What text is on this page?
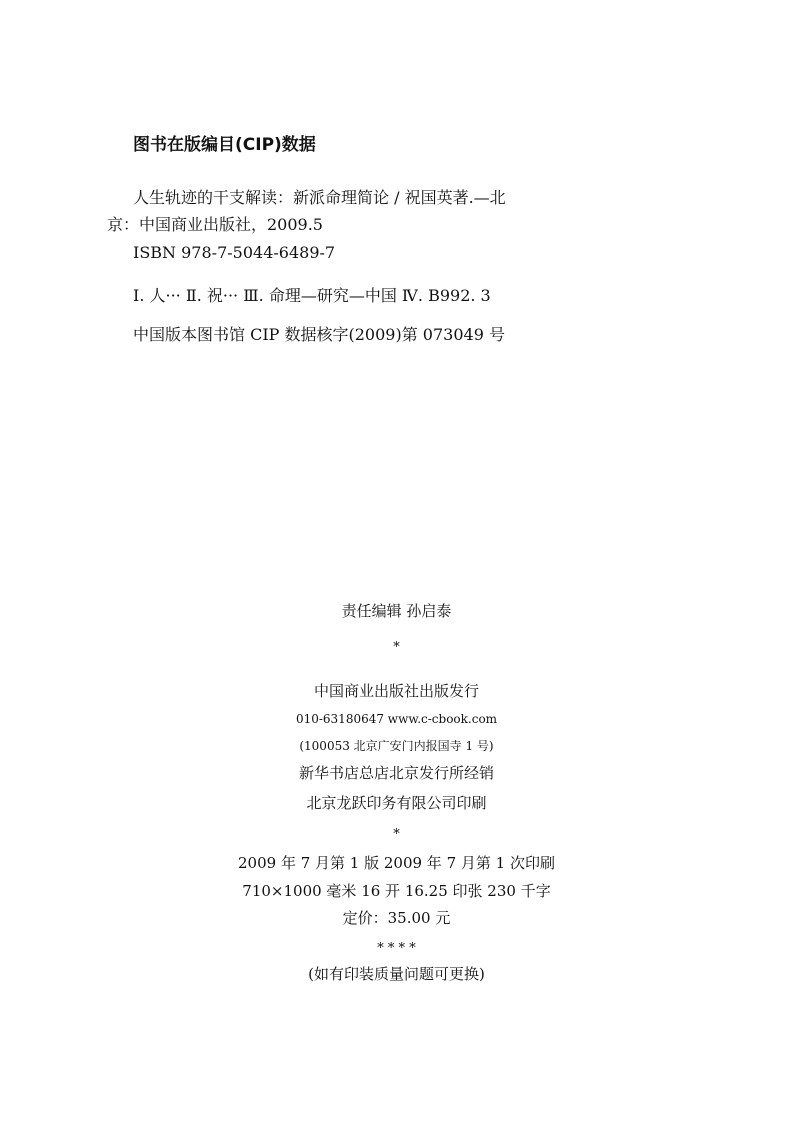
图书在版编目(CIP)数据
人生轨迹的干支解读：新派命理简论 / 祝国英著.—北
京：中国商业出版社，2009.5
ISBN 978-7-5044-6489-7
Ⅰ. 人··· Ⅱ. 祝··· Ⅲ. 命理—研究—中国 Ⅳ. B992. 3
中国版本图书馆 CIP 数据核字(2009)第 073049 号
责任编辑 孙启泰
*
中国商业出版社出版发行
010-63180647 www.c-cbook.com
(100053 北京广安门内报国寺 1 号)
新华书店总店北京发行所经销
北京龙跃印务有限公司印刷
*
2009 年 7 月第 1 版 2009 年 7 月第 1 次印刷
710×1000 毫米 16 开 16.25 印张 230 千字
定价：35.00 元
* * * *
(如有印装质量问题可更换)
